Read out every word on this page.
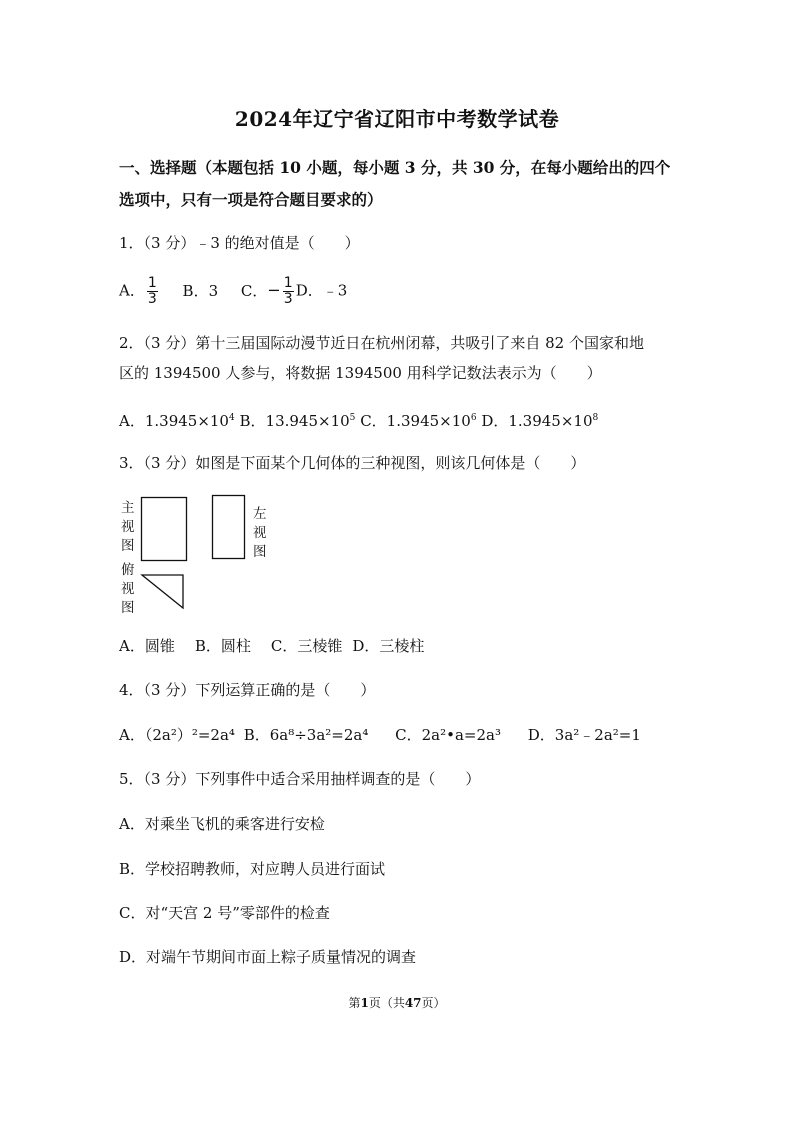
2024年辽宁省辽阳市中考数学试卷
一、选择题（本题包括 10 小题，每小题 3 分，共 30 分，在每小题给出的四个
选项中，只有一项是符合题目要求的）
1．（3 分）﹣3 的绝对值是（　　）
A． $\frac{1}{3}$ B．3 C．− $\frac{1}{3}$ D．﹣3
2．（3 分）第十三届国际动漫节近日在杭州闭幕，共吸引了来自 82 个国家和地
区的 1394500 人参与，将数据 1394500 用科学记数法表示为（　　）
A．$1.3945\times 10^4$ B．$13.945\times 10^5$ C．$1.3945\times 10^6$ D．$1.3945\times 10^8$
3．（3 分）如图是下面某个几何体的三种视图，则该几何体是（　　）
主视图
左视图
俯视图
A．圆锥 B．圆柱 C．三棱锥 D．三棱柱
4．（3 分）下列运算正确的是（　　）
A．（2a²）²=2a⁴ B．6a⁸÷3a²=2a⁴ C．2a²•a=2a³ D．3a²﹣2a²=1
5．（3 分）下列事件中适合采用抽样调查的是（　　）
A．对乘坐飞机的乘客进行安检
B．学校招聘教师，对应聘人员进行面试
C．对“天宫 2 号”零部件的检查
D．对端午节期间市面上粽子质量情况的调查
第1页（共47页）
